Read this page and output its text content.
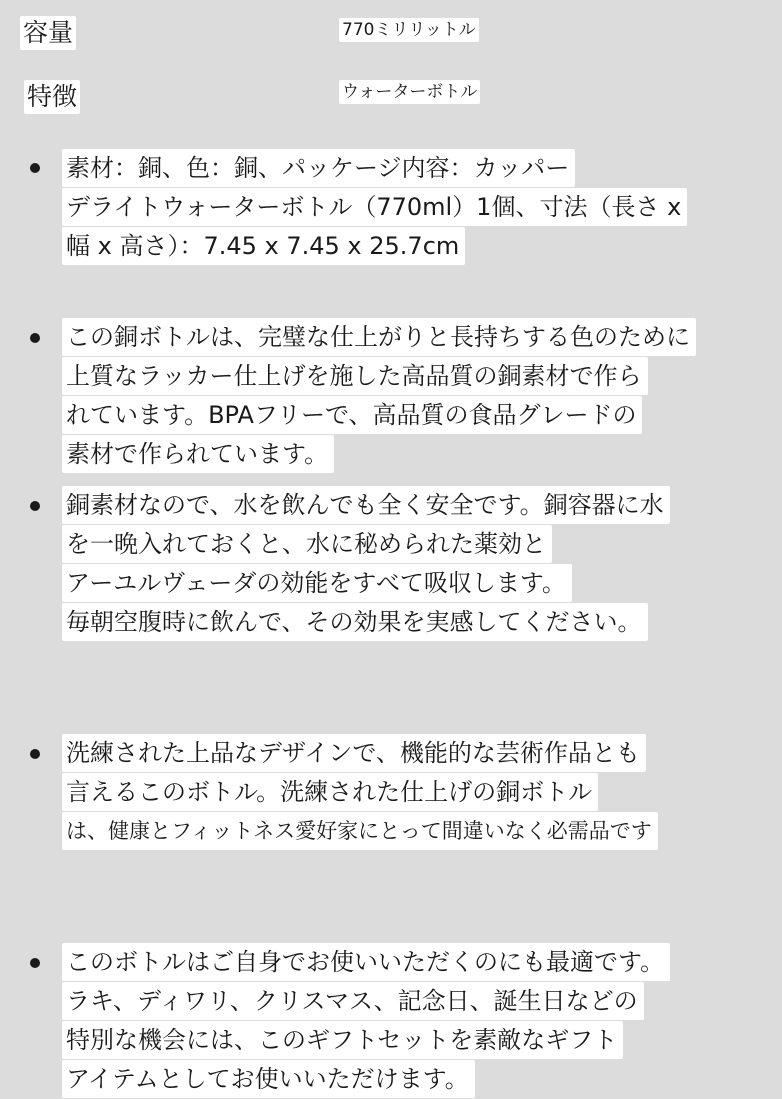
容量	770ミリリットル
特徴	ウォーターボトル
素材：銅、色：銅、パッケージ内容：カッパー
デライトウォーターボトル（770ml）1個、寸法（長さ x
幅 x 高さ）：7.45 x 7.45 x 25.7cm
この銅ボトルは、完璧な仕上がりと長持ちする色のために
上質なラッカー仕上げを施した高品質の銅素材で作ら
れています。BPAフリーで、高品質の食品グレードの
素材で作られています。
銅素材なので、水を飲んでも全く安全です。銅容器に水
を一晩入れておくと、水に秘められた薬効と
アーユルヴェーダの効能をすべて吸収します。
毎朝空腹時に飲んで、その効果を実感してください。
洗練された上品なデザインで、機能的な芸術作品とも
言えるこのボトル。洗練された仕上げの銅ボトル
は、健康とフィットネス愛好家にとって間違いなく必需品です
このボトルはご自身でお使いいただくのにも最適です。
ラキ、ディワリ、クリスマス、記念日、誕生日などの
特別な機会には、このギフトセットを素敵なギフト
アイテムとしてお使いいただけます。
